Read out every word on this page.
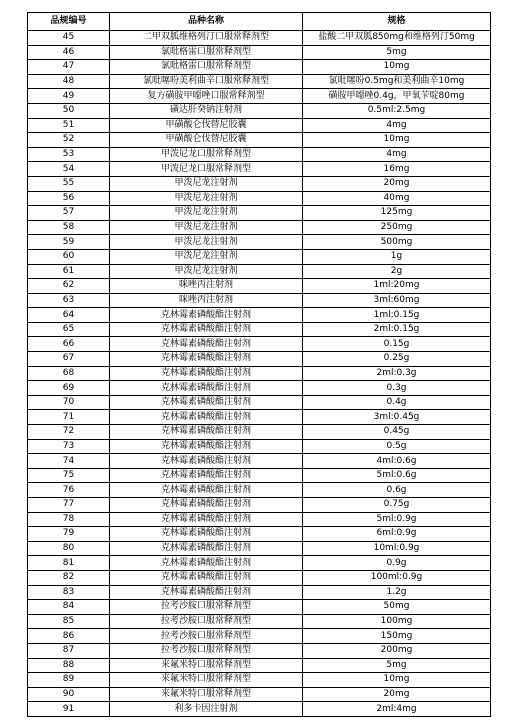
品规编号	品种名称	规格
45	二甲双胍维格列汀口服常释剂型	盐酸二甲双胍850mg和维格列汀50mg
46	氯吡格雷口服常释剂型	5mg
47	氯吡格雷口服常释剂型	10mg
48	氯吡噻吩美利曲辛口服常释剂型	氯吡噻吩0.5mg和美利曲辛10mg
49	复方磺胺甲噁唑口服常释剂型	磺胺甲噁唑0.4g，甲氧苄啶80mg
50	磺达肝癸钠注射剂	0.5ml:2.5mg
51	甲磺酸仑伐替尼胶囊	4mg
52	甲磺酸仑伐替尼胶囊	10mg
53	甲泼尼龙口服常释剂型	4mg
54	甲泼尼龙口服常释剂型	16mg
55	甲泼尼龙注射剂	20mg
56	甲泼尼龙注射剂	40mg
57	甲泼尼龙注射剂	125mg
58	甲泼尼龙注射剂	250mg
59	甲泼尼龙注射剂	500mg
60	甲泼尼龙注射剂	1g
61	甲泼尼龙注射剂	2g
62	咪唑丙注射剂	1ml:20mg
63	咪唑丙注射剂	3ml:60mg
64	克林霉素磷酸酯注射剂	1ml:0.15g
65	克林霉素磷酸酯注射剂	2ml:0.15g
66	克林霉素磷酸酯注射剂	0.15g
67	克林霉素磷酸酯注射剂	0.25g
68	克林霉素磷酸酯注射剂	2ml:0.3g
69	克林霉素磷酸酯注射剂	0.3g
70	克林霉素磷酸酯注射剂	0.4g
71	克林霉素磷酸酯注射剂	3ml:0.45g
72	克林霉素磷酸酯注射剂	0.45g
73	克林霉素磷酸酯注射剂	0.5g
74	克林霉素磷酸酯注射剂	4ml:0.6g
75	克林霉素磷酸酯注射剂	5ml:0.6g
76	克林霉素磷酸酯注射剂	0.6g
77	克林霉素磷酸酯注射剂	0.75g
78	克林霉素磷酸酯注射剂	5ml:0.9g
79	克林霉素磷酸酯注射剂	6ml:0.9g
80	克林霉素磷酸酯注射剂	10ml:0.9g
81	克林霉素磷酸酯注射剂	0.9g
82	克林霉素磷酸酯注射剂	100ml:0.9g
83	克林霉素磷酸酯注射剂	1.2g
84	拉考沙胺口服常释剂型	50mg
85	拉考沙胺口服常释剂型	100mg
86	拉考沙胺口服常释剂型	150mg
87	拉考沙胺口服常释剂型	200mg
88	来氟米特口服常释剂型	5mg
89	来氟米特口服常释剂型	10mg
90	来氟米特口服常释剂型	20mg
91	利多卡因注射剂	2ml:4mg
